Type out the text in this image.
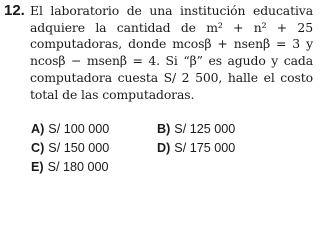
12. El laboratorio de una institución educativa
adquiere la cantidad de m² + n² + 25
computadoras, donde mcosβ + nsenβ = 3 y
ncosβ − msenβ = 4. Si “β” es agudo y cada
computadora cuesta S/ 2 500, halle el costo
total de las computadoras.
A) S/ 100 000	B) S/ 125 000
C) S/ 150 000	D) S/ 175 000
E) S/ 180 000
